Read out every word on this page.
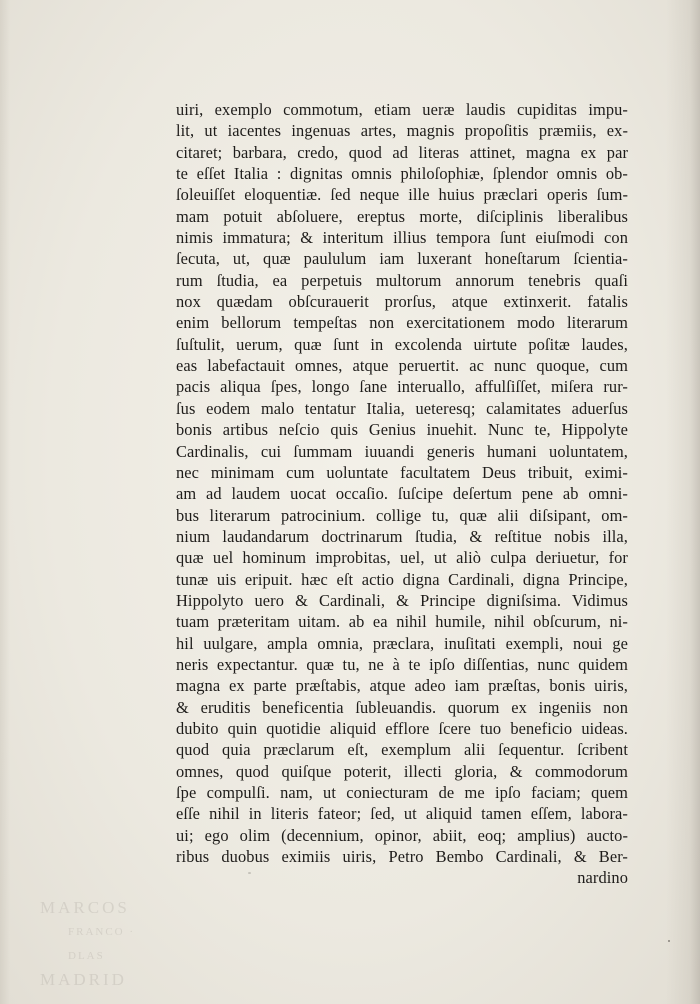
uiri, exemplo commotum, etiam ueræ laudis cupiditas impu-
lit, ut iacentes ingenuas artes, magnis propoſitis præmiis, ex-
citaret; barbara, credo, quod ad literas attinet, magna ex par
te eſſet Italia : dignitas omnis philoſophiæ, ſplendor omnis ob-
ſoleuiſſet eloquentiæ. ſed neque ille huius præclari operis ſum-
mam potuit abſoluere, ereptus morte, diſciplinis liberalibus
nimis immatura; & interitum illius tempora ſunt eiuſmodi con
ſecuta, ut, quæ paululum iam luxerant honeſtarum ſcientia-
rum ſtudia, ea perpetuis multorum annorum tenebris quaſi
nox quædam obſcurauerit prorſus, atque extinxerit. fatalis
enim bellorum tempeſtas non exercitationem modo literarum
ſuſtulit, uerum, quæ ſunt in excolenda uirtute poſitæ laudes,
eas labefactauit omnes, atque peruertit. ac nunc quoque, cum
pacis aliqua ſpes, longo ſane interuallo, affulſiſſet, miſera rur-
ſus eodem malo tentatur Italia, ueteresq; calamitates aduerſus
bonis artibus neſcio quis Genius inuehit. Nunc te, Hippolyte
Cardinalis, cui ſummam iuuandi generis humani uoluntatem,
nec minimam cum uoluntate facultatem Deus tribuit, eximi-
am ad laudem uocat occaſio. ſuſcipe deſertum pene ab omni-
bus literarum patrocinium. collige tu, quæ alii diſsipant, om-
nium laudandarum doctrinarum ſtudia, & reſtitue nobis illa,
quæ uel hominum improbitas, uel, ut aliò culpa deriuetur, for
tunæ uis eripuit. hæc eſt actio digna Cardinali, digna Principe,
Hippolyto uero & Cardinali, & Principe digniſsima. Vidimus
tuam præteritam uitam. ab ea nihil humile, nihil obſcurum, ni-
hil uulgare, ampla omnia, præclara, inuſitati exempli, noui ge
neris expectantur. quæ tu, ne à te ipſo diſſentias, nunc quidem
magna ex parte præſtabis, atque adeo iam præſtas, bonis uiris,
& eruditis beneficentia ſubleuandis. quorum ex ingeniis non
dubito quin quotidie aliquid efflore ſcere tuo beneficio uideas.
quod quia præclarum eſt, exemplum alii ſequentur. ſcribent
omnes, quod quiſque poterit, illecti gloria, & commodorum
ſpe compulſi. nam, ut coniecturam de me ipſo faciam; quem
eſſe nihil in literis fateor; ſed, ut aliquid tamen eſſem, labora-
ui; ego olim (decennium, opinor, abiit, eoq; amplius) aucto-
ribus duobus eximiis uiris, Petro Bembo Cardinali, & Ber-
nardino
MARCOS
FRANCO · DLAS
MADRID
